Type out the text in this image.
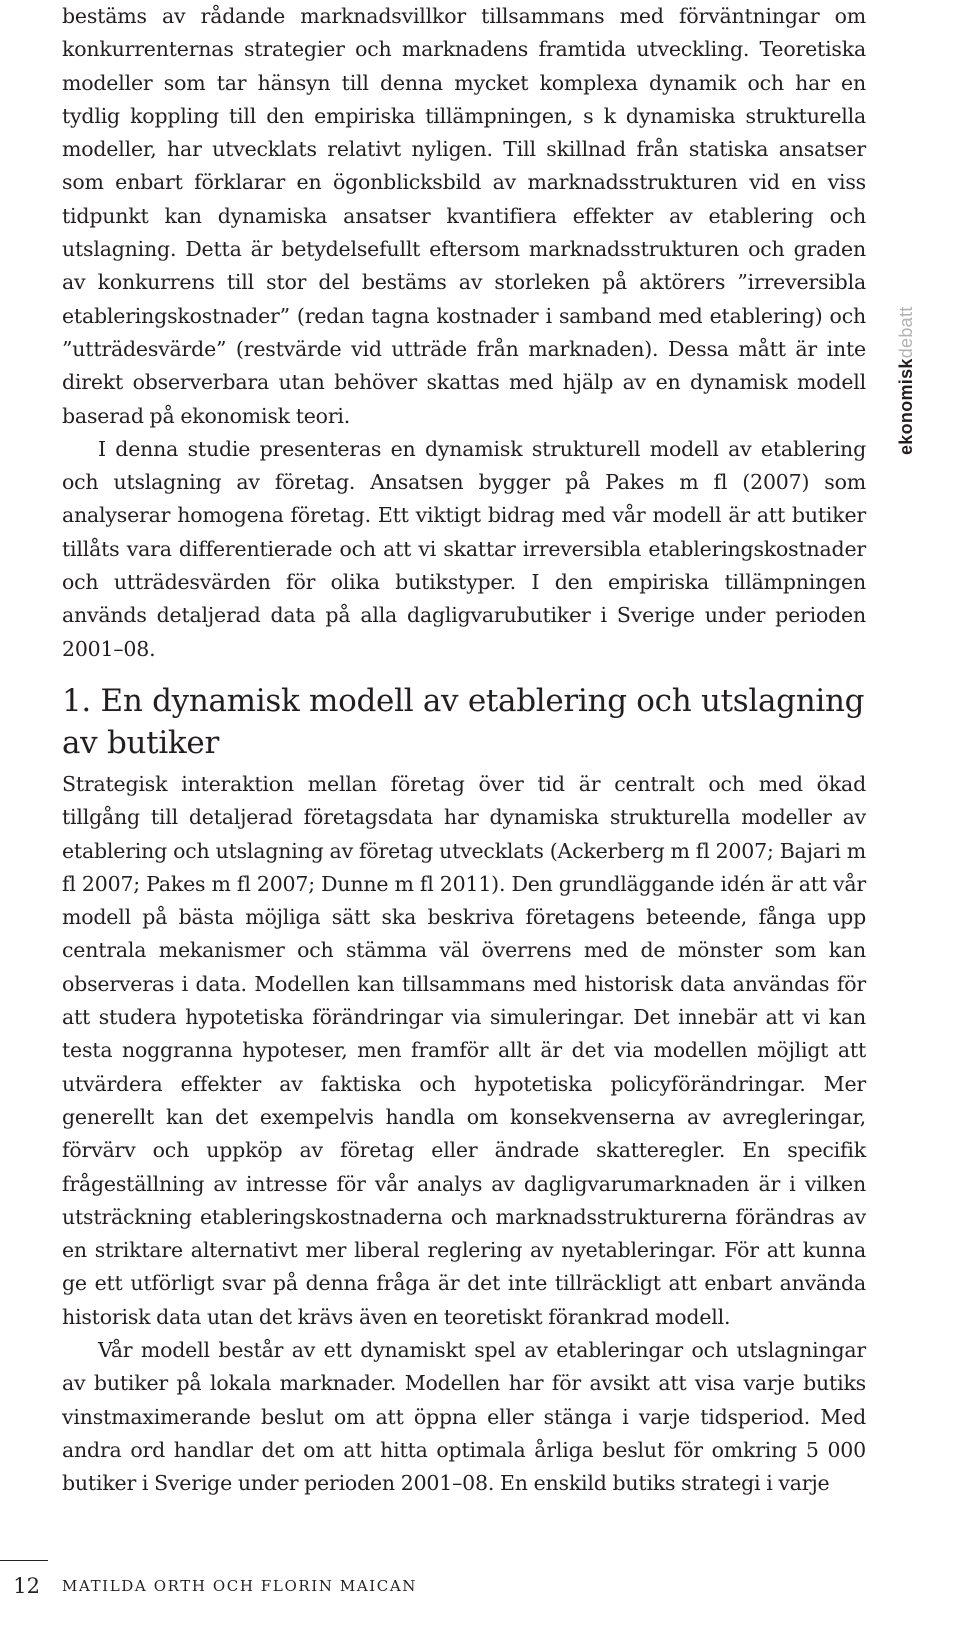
bestäms av rådande marknadsvillkor tillsammans med förväntningar om konkurrenternas strategier och marknadens framtida utveckling. Teoretiska modeller som tar hänsyn till denna mycket komplexa dynamik och har en tydlig koppling till den empiriska tillämpningen, s k dynamiska strukturella modeller, har utvecklats relativt nyligen. Till skillnad från statiska ansatser som enbart förklarar en ögonblicksbild av marknadsstrukturen vid en viss tidpunkt kan dynamiska ansatser kvantifiera effekter av etablering och utslagning. Detta är betydelsefullt eftersom marknadsstrukturen och graden av konkurrens till stor del bestäms av storleken på aktörers ”irreversibla etableringskostnader” (redan tagna kostnader i samband med etablering) och ”utträdesvärde” (restvärde vid utträde från marknaden). Dessa mått är inte direkt observerbara utan behöver skattas med hjälp av en dynamisk modell baserad på ekonomisk teori.

I denna studie presenteras en dynamisk strukturell modell av etablering och utslagning av företag. Ansatsen bygger på Pakes m fl (2007) som analyserar homogena företag. Ett viktigt bidrag med vår modell är att butiker tillåts vara differentierade och att vi skattar irreversibla etableringskostnader och utträdesvärden för olika butikstyper. I den empiriska tillämpningen används detaljerad data på alla dagligvarubutiker i Sverige under perioden 2001–08.

1. En dynamisk modell av etablering och utslagning av butiker

Strategisk interaktion mellan företag över tid är centralt och med ökad tillgång till detaljerad företagsdata har dynamiska strukturella modeller av etablering och utslagning av företag utvecklats (Ackerberg m fl 2007; Bajari m fl 2007; Pakes m fl 2007; Dunne m fl 2011). Den grundläggande idén är att vår modell på bästa möjliga sätt ska beskriva företagens beteende, fånga upp centrala mekanismer och stämma väl överrens med de mönster som kan observeras i data. Modellen kan tillsammans med historisk data användas för att studera hypotetiska förändringar via simuleringar. Det innebär att vi kan testa noggranna hypoteser, men framför allt är det via modellen möjligt att utvärdera effekter av faktiska och hypotetiska policyförändringar. Mer generellt kan det exempelvis handla om konsekvenserna av avregleringar, förvärv och uppköp av företag eller ändrade skatteregler. En specifik frågeställning av intresse för vår analys av dagligvarumarknaden är i vilken utsträckning etableringskostnaderna och marknadsstrukturerna förändras av en striktare alternativt mer liberal reglering av nyetableringar. För att kunna ge ett utförligt svar på denna fråga är det inte tillräckligt att enbart använda historisk data utan det krävs även en teoretiskt förankrad modell.

Vår modell består av ett dynamiskt spel av etableringar och utslagningar av butiker på lokala marknader. Modellen har för avsikt att visa varje butiks vinstmaximerande beslut om att öppna eller stänga i varje tidsperiod. Med andra ord handlar det om att hitta optimala årliga beslut för omkring 5 000 butiker i Sverige under perioden 2001–08. En enskild butiks strategi i varje

ekonomiskdebatt
12 MATILDA ORTH OCH FLORIN MAICAN
